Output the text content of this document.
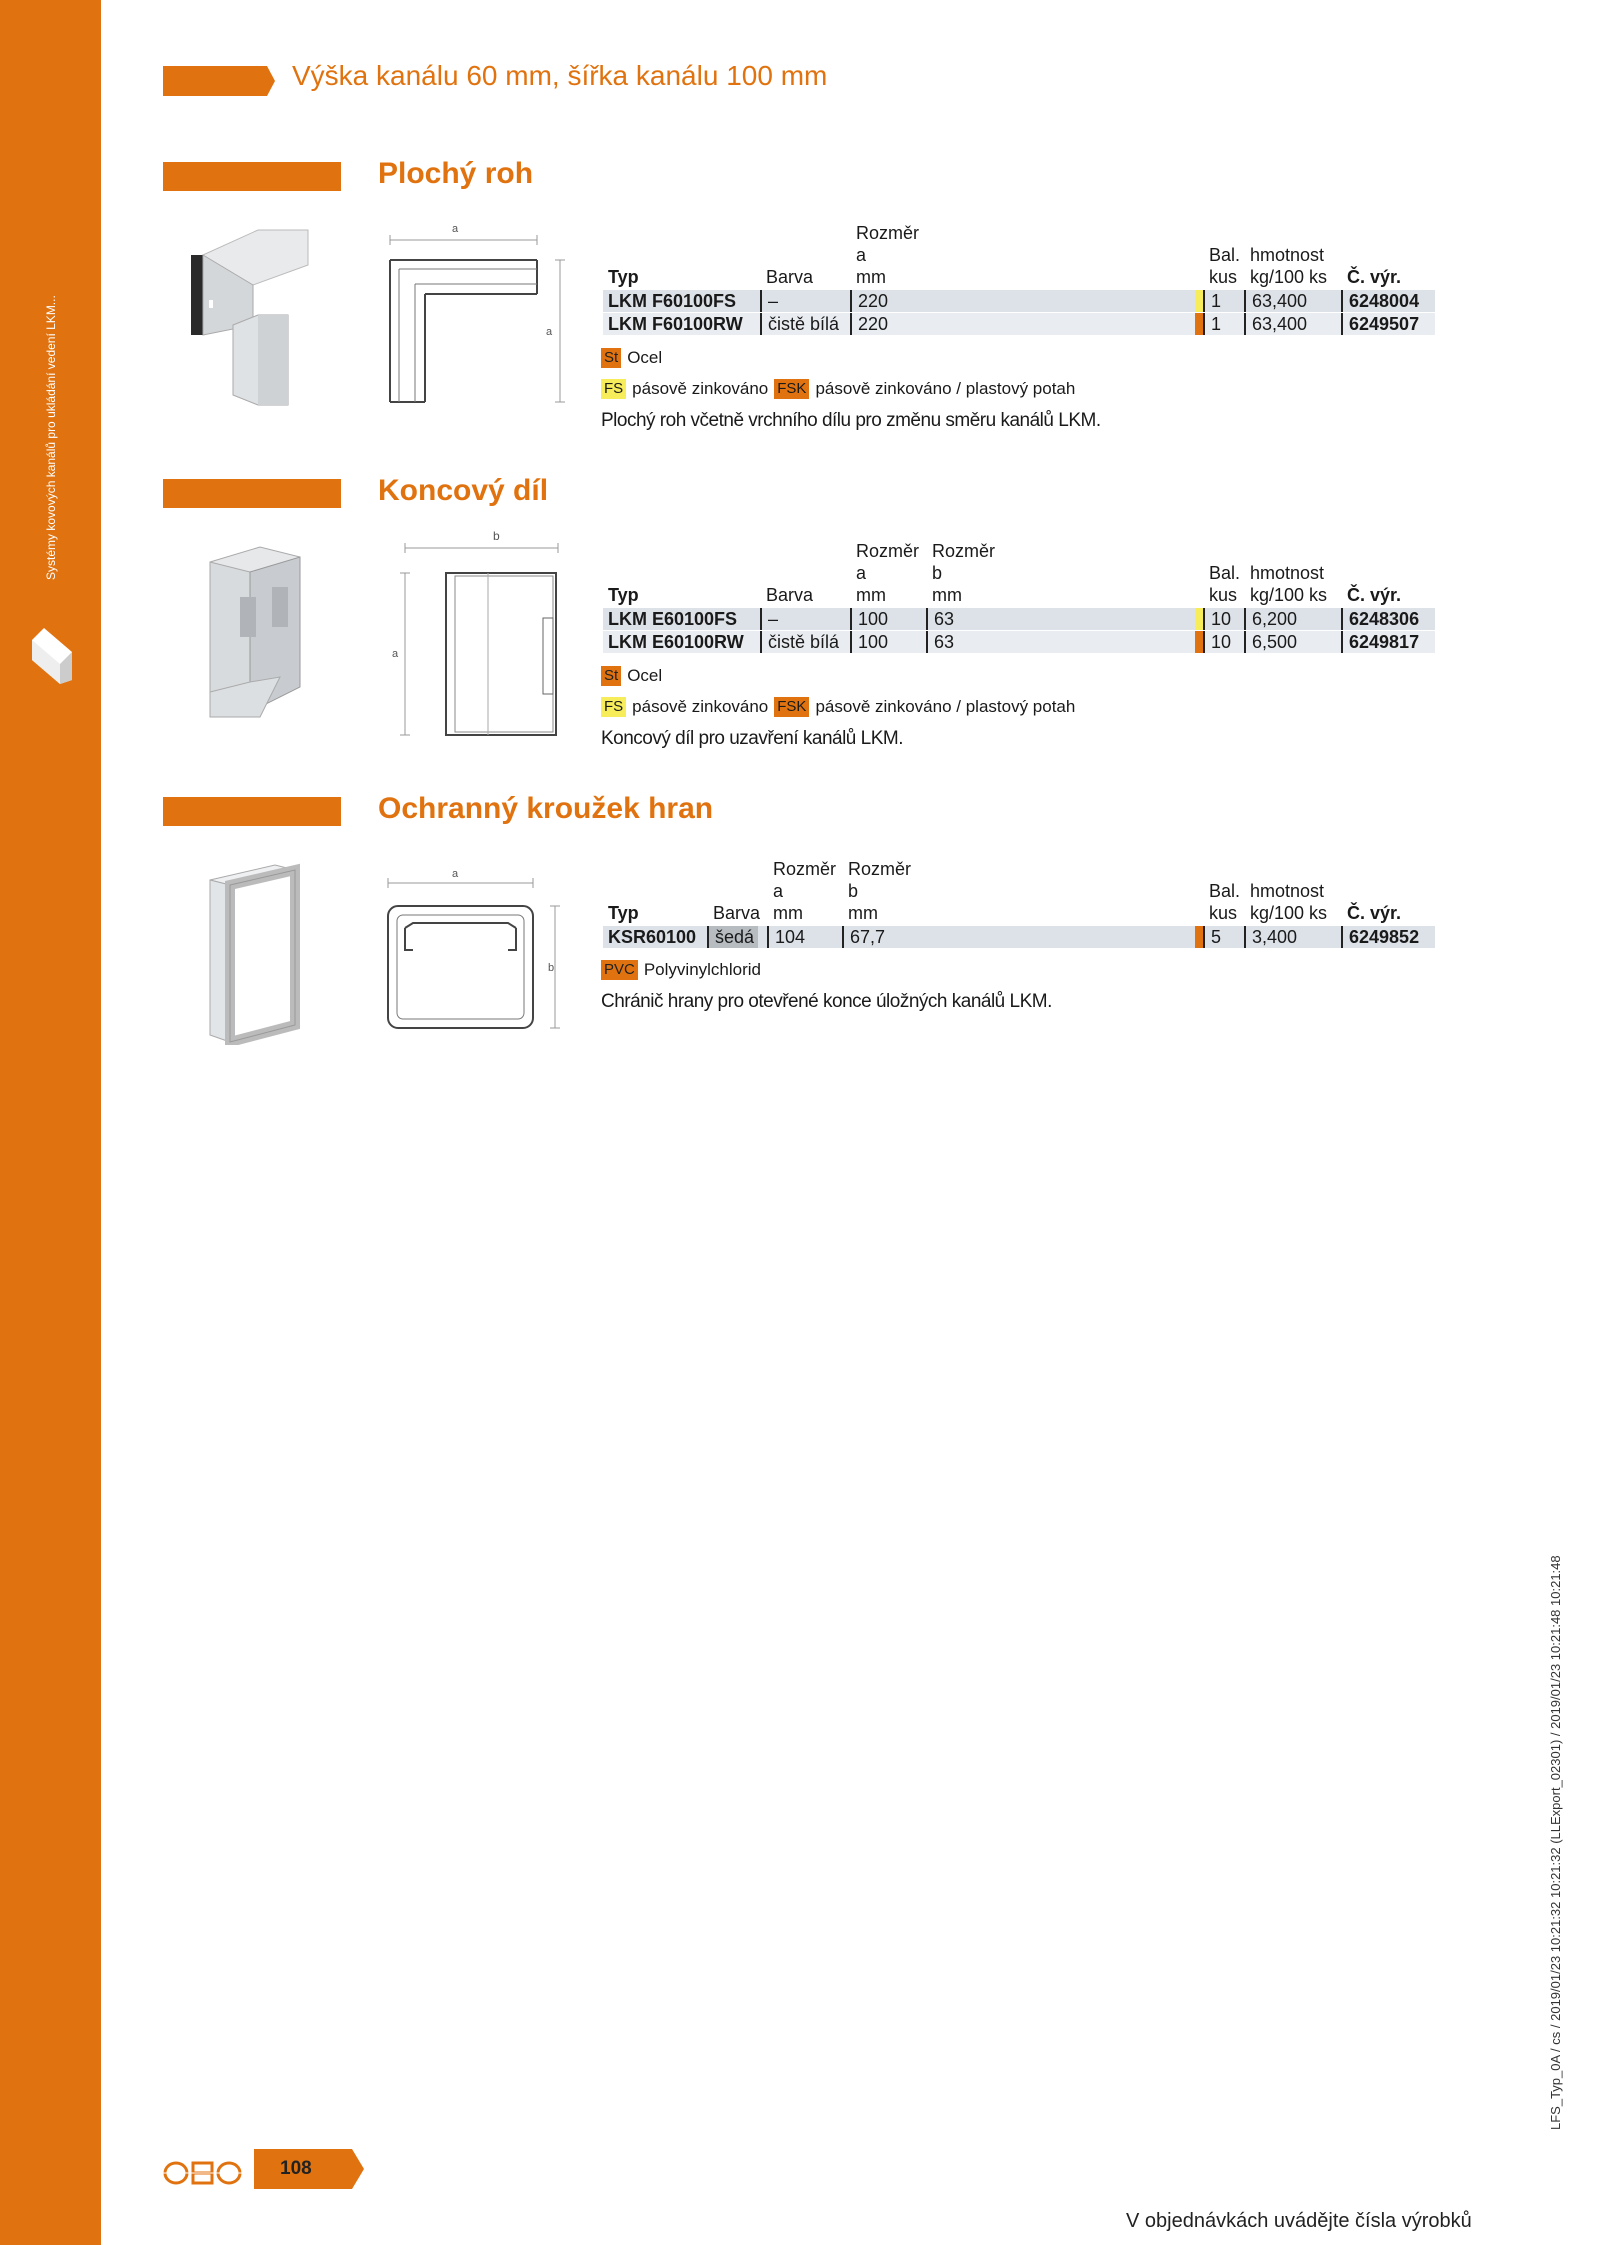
Systémy kovových kanálů pro ukládání vedení LKM...
Výška kanálu 60 mm, šířka kanálu 100 mm
Plochý roh
a
a
Rozměr
a
mm
Typ	Barva
Bal.
kus
hmotnost
kg/100 ks Č. výr.
LKM F60100FS	–	220	1	63,400	6248004
LKM F60100RW	čistě bílá	220	1	63,400	6249507
St Ocel
FS pásově zinkováno FSK pásově zinkováno / plastový potah
Plochý roh včetně vrchního dílu pro změnu směru kanálů LKM.
Koncový díl
b
a
Rozměr Rozměr
a	b
mm	mm
Typ	Barva
Bal.
kus
hmotnost
kg/100 ks Č. výr.
LKM E60100FS	–	100	63	10	6,200	6248306
LKM E60100RW	čistě bílá	100	63	10	6,500	6249817
St Ocel
FS pásově zinkováno FSK pásově zinkováno / plastový potah
Koncový díl pro uzavření kanálů LKM.
Ochranný kroužek hran
a
b
Rozměr Rozměr
a	b
mm	mm
Typ	Barva
Bal.
kus
hmotnost
kg/100 ks Č. výr.
KSR60100	šedá	104	67,7	5	3,400	6249852
PVC Polyvinylchlorid
Chránič hrany pro otevřené konce úložných kanálů LKM.
108
V objednávkách uvádějte čísla výrobků
LFS_Typ_0A / cs / 2019/01/23 10:21:32 10:21:32 (LLExport_02301) / 2019/01/23 10:21:48 10:21:48
